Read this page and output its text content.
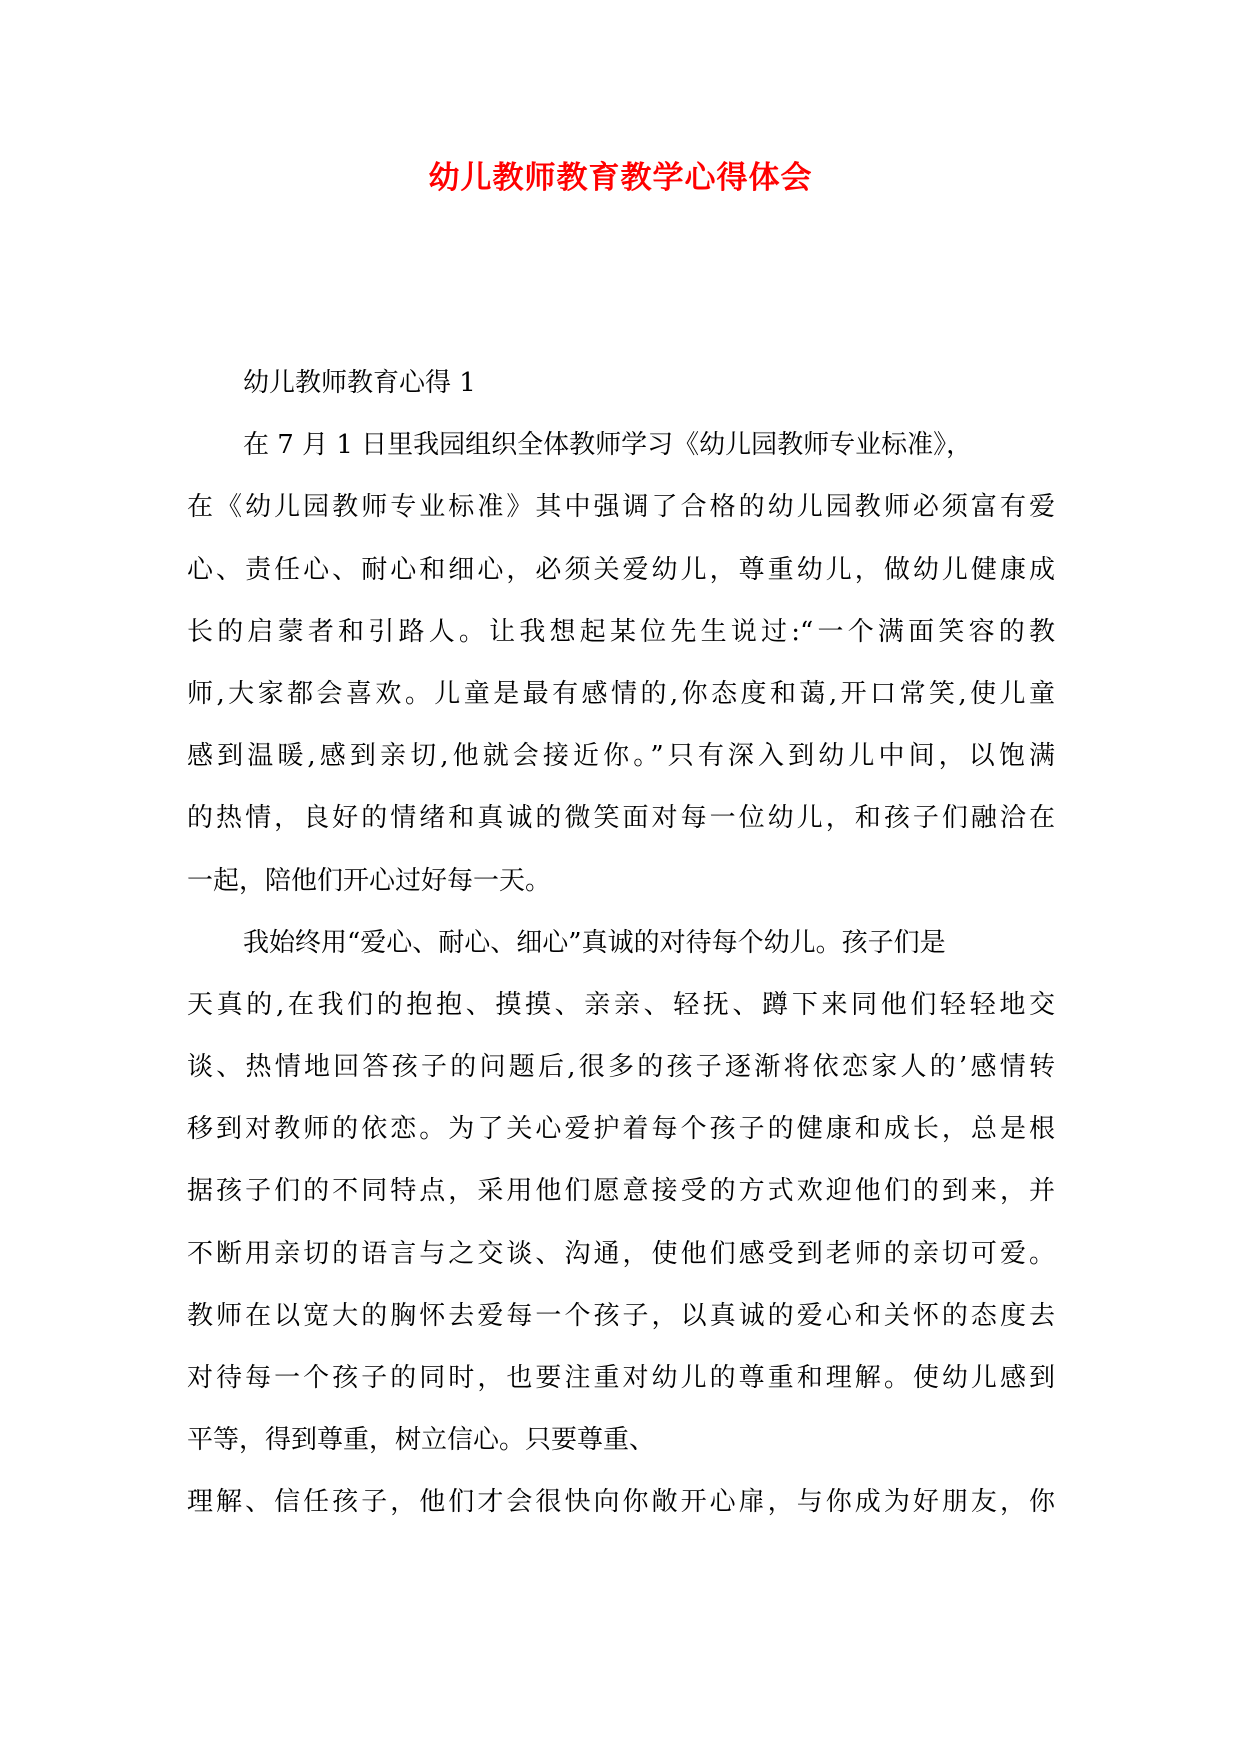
幼儿教师教育教学心得体会
幼儿教师教育心得 1
在 7 月 1 日里我园组织全体教师学习《幼儿园教师专业标准》，
在《幼儿园教师专业标准》其中强调了合格的幼儿园教师必须富有爱
心、责任心、耐心和细心，必须关爱幼儿，尊重幼儿，做幼儿健康成
长的启蒙者和引路人。让我想起某位先生说过:“一个满面笑容的教
师,大家都会喜欢。儿童是最有感情的,你态度和蔼,开口常笑,使儿童
感到温暖,感到亲切,他就会接近你。”只有深入到幼儿中间，以饱满
的热情，良好的情绪和真诚的微笑面对每一位幼儿，和孩子们融洽在
一起，陪他们开心过好每一天。
我始终用“爱心、耐心、细心”真诚的对待每个幼儿。孩子们是
天真的,在我们的抱抱、摸摸、亲亲、轻抚、蹲下来同他们轻轻地交
谈、热情地回答孩子的问题后,很多的孩子逐渐将依恋家人的’感情转
移到对教师的依恋。为了关心爱护着每个孩子的健康和成长，总是根
据孩子们的不同特点，采用他们愿意接受的方式欢迎他们的到来，并
不断用亲切的语言与之交谈、沟通，使他们感受到老师的亲切可爱。
教师在以宽大的胸怀去爱每一个孩子，以真诚的爱心和关怀的态度去
对待每一个孩子的同时，也要注重对幼儿的尊重和理解。使幼儿感到
平等，得到尊重，树立信心。只要尊重、
理解、信任孩子，他们才会很快向你敞开心扉，与你成为好朋友，你
